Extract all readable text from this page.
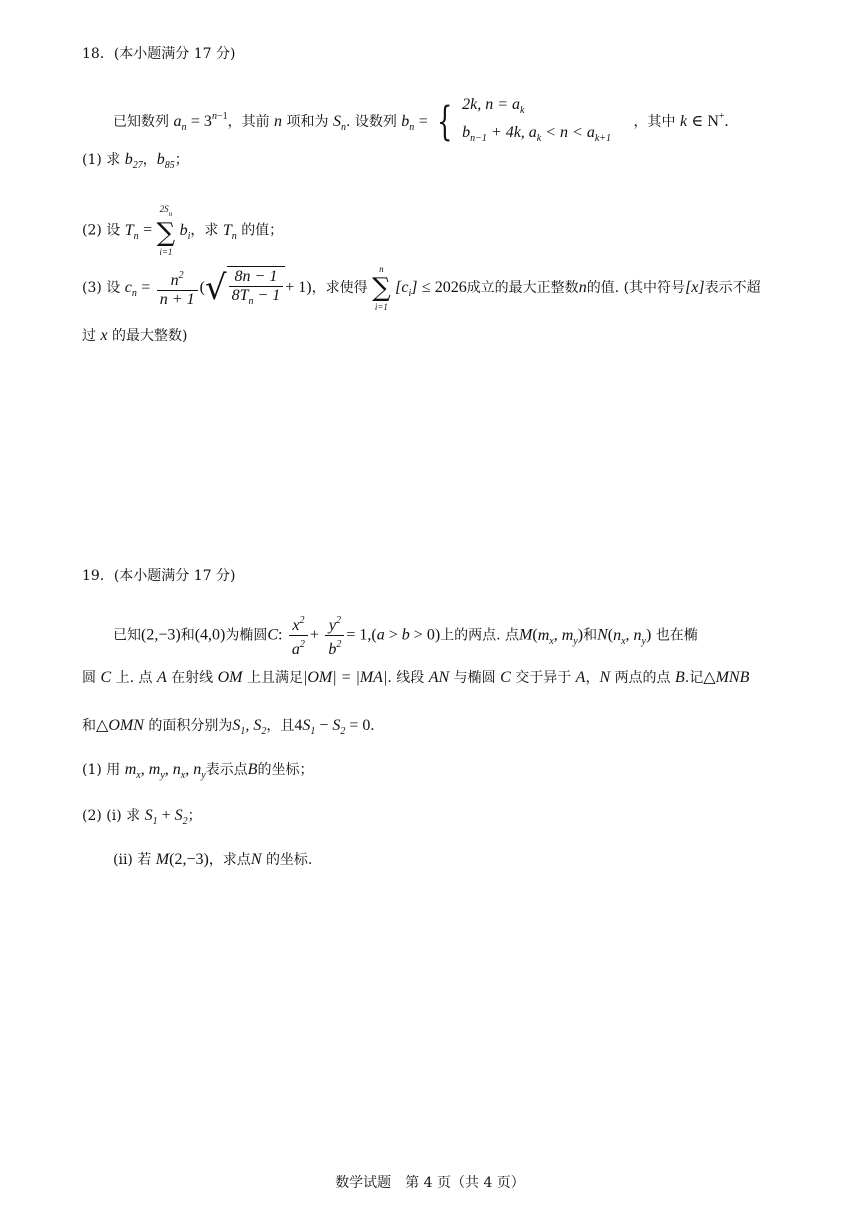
18．(本小题满分 17 分)
已知数列 $a_n = 3^{n-1}$，其前 n 项和为 $S_n$. 设数列 $b_n$ = { 2k, $n = a_k$
$b_{n-1} + 4k$, $a_k < n < a_{k+1}$
，其中 k ∈ N+.
(1) 求 $b_{27}$，$b_{85}$；
(2) 设 $T_n$ =
$2S_n$
∑
i=1
$b_i$，求 $T_n$ 的值；
(3) 设 $c_n = \frac{n^2}{n + 1}$ (√ $\frac{8n - 1}{8T_n - 1} + 1$)，求使得
n
∑
i=1
$[c_i] \le 2026$成立的最大正整数n的值. (其中符号[x]表示不超
过 x 的最大整数)
19．(本小题满分 17 分)
已知(2,−3)和(4,0)为椭圆C: $\frac{x^2}{a^2} + \frac{y^2}{b^2} = 1,(a > b > 0)$上的两点. 点$M(m_x$, $m_y$)和$N(n_x$, $n_y$) 也在椭
圆 C 上. 点 A 在射线 OM 上且满足|OM| = |MA|. 线段 AN 与椭圆 C 交于异于 A，N 两点的点 B.记△MNB
和△OMN 的面积分别为$S_1$, $S_2$，且$4S_1 - S_2 = 0$.
(1) 用 $m_x$, $m_y$, $n_x$, $n_y$表示点B的坐标；
(2) (i) 求 $S_1 + S_2$；
(ii) 若 M(2,−3)，求点N 的坐标.
数学试题　第 4 页（共 4 页）
